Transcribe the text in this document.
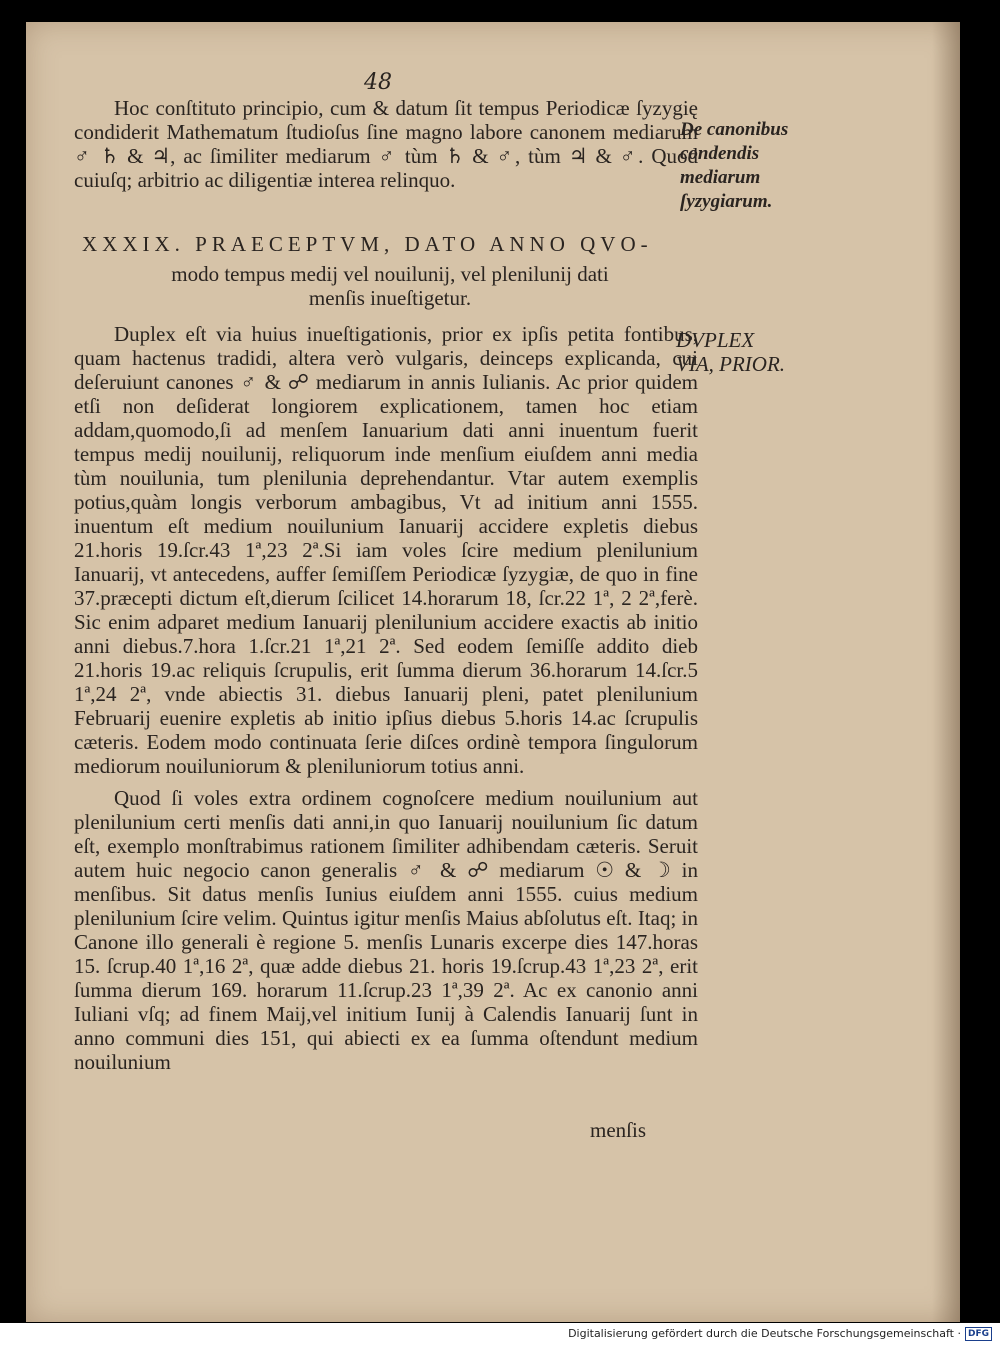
48

Hoc conſtituto principio, cum & datum ſit tempus Periodicæ ſyzygię condiderit Mathematum ſtudioſus ſine magno labore canonem mediarum ♂ ♄ & ♃, ac ſimiliter mediarum ♂ tùm ♄ & ♂, tùm ♃ & ♂. Quod cuiuſq; arbitrio ac diligentiæ interea relinquo.

XXXIX. PRAECEPTVM, DATO ANNO QVO-
modo tempus medij vel nouilunij, vel plenilunij dati menſis inueſtigetur.

Duplex eſt via huius inueſtigationis, prior ex ipſis petita fontibus, quam hactenus tradidi, altera verò vulgaris, deinceps explicanda, cui deſeruiunt canones ♂ & ☍ mediarum in annis Iulianis. Ac prior quidem etſi non deſiderat longiorem explicationem, tamen hoc etiam addam,quomodo,ſi ad menſem Ianuarium dati anni inuentum fuerit tempus medij nouilunij, reliquorum inde menſium eiuſdem anni media tùm nouilunia, tum plenilunia deprehendantur. Vtar autem exemplis potius,quàm longis verborum ambagibus, Vt ad initium anni 1555. inuentum eſt medium nouilunium Ianuarij accidere expletis diebus 21.horis 19.ſcr.43 1ª,23 2ª.Si iam voles ſcire medium plenilunium Ianuarij, vt antecedens, auffer ſemiſſem Periodicæ ſyzygiæ, de quo in fine 37.præcepti dictum eſt,dierum ſcilicet 14.horarum 18, ſcr.22 1ª, 2 2ª,ferè. Sic enim adparet medium Ianuarij plenilunium accidere exactis ab initio anni diebus.7.hora 1.ſcr.21 1ª,21 2ª. Sed eodem ſemiſſe addito dieb 21.horis 19.ac reliquis ſcrupulis, erit ſumma dierum 36.horarum 14.ſcr.5 1ª,24 2ª, vnde abiectis 31. diebus Ianuarij pleni, patet plenilunium Februarij euenire expletis ab initio ipſius diebus 5.horis 14.ac ſcrupulis cæteris. Eodem modo continuata ſerie diſces ordinè tempora ſingulorum mediorum nouiluniorum & pleniluniorum totius anni.

Quod ſi voles extra ordinem cognoſcere medium nouilunium aut plenilunium certi menſis dati anni,in quo Ianuarij nouilunium ſic datum eſt, exemplo monſtrabimus rationem ſimiliter adhibendam cæteris. Seruit autem huic negocio canon generalis ♂ & ☍ mediarum ☉ & ☽ in menſibus. Sit datus menſis Iunius eiuſdem anni 1555. cuius medium plenilunium ſcire velim. Quintus igitur menſis Maius abſolutus eſt. Itaq; in Canone illo generali è regione 5. menſis Lunaris excerpe dies 147.horas 15. ſcrup.40 1ª,16 2ª, quæ adde diebus 21. horis 19.ſcrup.43 1ª,23 2ª, erit ſumma dierum 169. horarum 11.ſcrup.23 1ª,39 2ª. Ac ex canonio anni Iuliani vſq; ad finem Maij,vel initium Iunij à Calendis Ianuarij ſunt in anno communi dies 151, qui abiecti ex ea ſumma oſtendunt medium nouilunium

menſis
De canonibus condendis mediarum ſyzygiarum.
DVPLEX VIA, PRIOR.
Digitalisierung gefördert durch die Deutsche Forschungsgemeinschaft · DFG
